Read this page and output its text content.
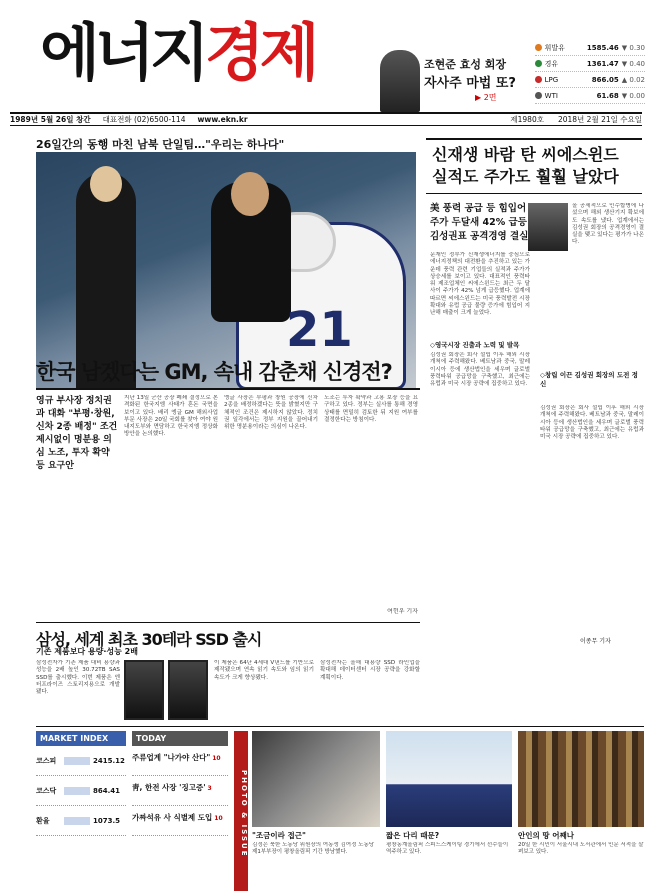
에너지경제	조현준 효성 회장
자사주 마법 또?
▶ 2면
휘발유	1585.46 ▼ 0.30
경유	1361.47 ▼ 0.40
LPG	866.05 ▲ 0.02
WTI	61.68 ▼ 0.00
1989년 5월 26일 창간 대표전화 (02)6500-114 www.ekn.kr	제1980호 2018년 2월 21일 수요일
26일간의 동행 마친 남북 단일팀…"우리는 하나다"
21
한국 남겠다는 GM, 속내 감춘채 신경전?
영규 부사장 정치권과 대화 "부평·창원, 신차 2종 배정" 조건 제시없이 명분용 의심 노조, 투자 확약 등 요구안
지난 13일 군산 공장 폐쇄 결정으로 본격화된 한국지엠 사태가 혼돈 국면을 보이고 있다. 배리 엥글 GM 해외사업부문 사장은 20일 국회를 찾아 여야 원내지도부와 면담하고 한국지엠 정상화 방안을 논의했다.
엥글 사장은 부평과 창원 공장에 신차 2종을 배정하겠다는 뜻을 밝혔지만 구체적인 조건은 제시하지 않았다. 정치권 일각에서는 정부 지원을 끌어내기 위한 명분용이라는 의심이 나온다.
노조는 투자 확약과 고용 보장 등을 요구하고 있다. 정부는 실사를 통해 경영 상태를 면밀히 검토한 뒤 지원 여부를 결정한다는 방침이다.
여헌우 기자
신재생 바람 탄 씨에스윈드
실적도 주가도 훨훨 날았다
美 풍력 공급 등 힘입어 주가 두달새 42% 급등 김성권표 공격경영 결실
올 공세적으로 인수합병에 나섰으며 해외 생산기지 확보에도 속도를 냈다. 업계에서는 김성권 회장의 공격경영이 결실을 맺고 있다는 평가가 나온다.
문재인 정부가 신재생에너지를 중심으로 에너지정책의 대전환을 추진하고 있는 가운데 풍력 관련 기업들의 실적과 주가가 상승세를 보이고 있다. 대표적인 풍력타워 제조업체인 씨에스윈드는 최근 두 달 사이 주가가 42% 넘게 급등했다. 업계에 따르면 씨에스윈드는 미국 풍력발전 시장 확대와 유럽 공급 물량 증가에 힘입어 지난해 매출이 크게 늘었다.
◇영국시장 진출과 노력 및 발목
김성권 회장은 회사 설립 이후 해외 시장 개척에 주력해왔다. 베트남과 중국, 말레이시아 등에 생산법인을 세우며 글로벌 풍력타워 공급망을 구축했고, 최근에는 유럽과 미국 시장 공략에 집중하고 있다.
◇창립 이끈 김성권 회장의 도전 정신
김성권 회장은 회사 설립 이후 해외 시장 개척에 주력해왔다. 베트남과 중국, 말레이시아 등에 생산법인을 세우며 글로벌 풍력타워 공급망을 구축했고, 최근에는 유럽과 미국 시장 공략에 집중하고 있다.
이종무 기자
삼성, 세계 최초 30테라 SSD 출시
기존 제품보다 용량·성능 2배
삼성전자가 기존 제품 대비 용량과 성능을 2배 높인 30.72TB SAS SSD를 출시했다. 이번 제품은 엔터프라이즈 스토리지용으로 개발됐다.
이 제품은 64단 4세대 V낸드를 기반으로 제작됐으며 연속 읽기 속도와 임의 읽기 속도가 크게 향상됐다.
삼성전자는 올해 대용량 SSD 라인업을 확대해 데이터센터 시장 공략을 강화할 계획이다.
MARKET INDEX
코스피	2415.12
코스닥	864.41
환율	1073.5
TODAY
주류업계 "나가야 산다" 10
靑, 한전 사장 '징고증' 3
가짜석유 사 식별제 도입 10	PHOTO & ISSUE "조금이라 접근"
김정은 북한 노동당 위원장의 여동생 김여정 노동당 제1부부장이 평창올림픽 기간 방남했다.
짧은 다리 때문?
평창동계올림픽 스피드스케이팅 경기에서 선수들이 역주하고 있다.
안인의 땅 어째나
20일 한 시민이 서울시내 도서관에서 인문 서적을 살펴보고 있다.
